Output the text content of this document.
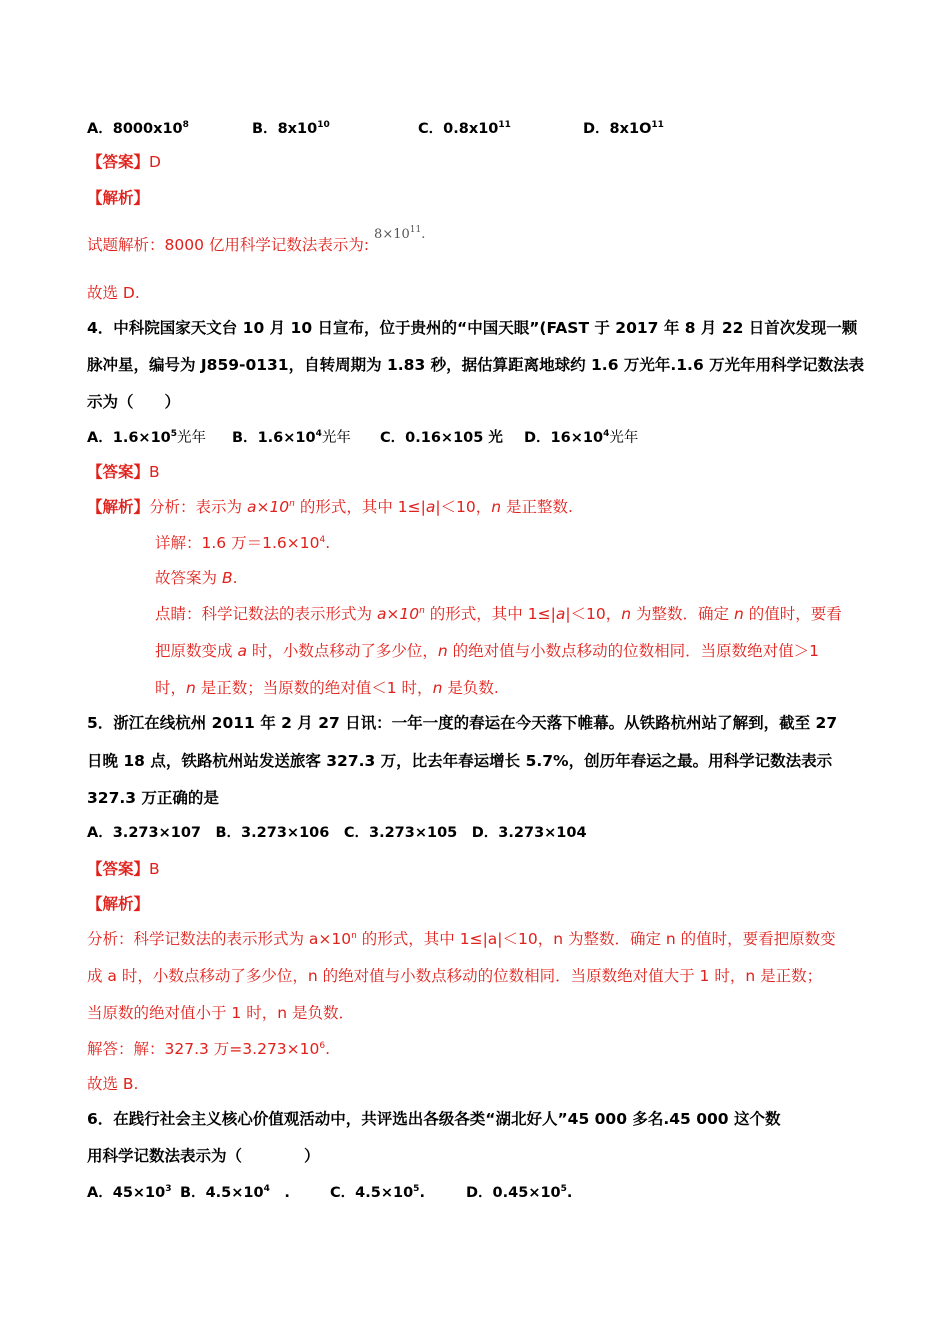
A．$8000x10^8$	B．$8x10^{10}$	C．$0.8x10^{11}$	D．$8x1O^{11}$
【答案】D
【解析】
试题解析：8000 亿用科学记数法表示为: $^{8\times 10^{11}.}$
故选 D.
4．中科院国家天文台 10 月 10 日宣布，位于贵州的“中国天眼”(FAST 于 2017 年 8 月 22 日首次发现一颗
脉冲星，编号为 J859-0131，自转周期为 1.83 秒，据估算距离地球约 1.6 万光年.1.6 万光年用科学记数法表
示为（　　）
A．$1.6\times 10^5$光年 B．$1.6\times 10^4$光年 C．0.16×105 光 D．$16\times 10^4$光年
【答案】B
【解析】分析：表示为 $a\times 10^n$ 的形式，其中 1≤|a|＜10，n 是正整数.
详解：1.6 万$=1.6\times 10^4$.
故答案为 B.
点睛：科学记数法的表示形式为 $a\times 10^n$ 的形式，其中 1≤|a|＜10，n 为整数．确定 n 的值时，要看
把原数变成 a 时，小数点移动了多少位，n 的绝对值与小数点移动的位数相同．当原数绝对值＞1
时，n 是正数；当原数的绝对值＜1 时，n 是负数.
5．浙江在线杭州 2011 年 2 月 27 日讯：一年一度的春运在今天落下帷幕。从铁路杭州站了解到，截至 27
日晚 18 点，铁路杭州站发送旅客 327.3 万，比去年春运增长 5.7%，创历年春运之最。用科学记数法表示
327.3 万正确的是
A．3.273×107　B．3.273×106　C．3.273×105　D．3.273×104
【答案】B
【解析】
分析：科学记数法的表示形式为 $a\times 10^n$ 的形式，其中 1≤|a|＜10，n 为整数．确定 n 的值时，要看把原数变
成 a 时，小数点移动了多少位，n 的绝对值与小数点移动的位数相同．当原数绝对值大于 1 时，n 是正数；
当原数的绝对值小于 1 时，n 是负数．
解答：解：327.3 万$=3.273\times 10^6$.
故选 B.
6．在践行社会主义核心价值观活动中，共评选出各级各类“湖北好人”45 000 多名.45 000 这个数
用科学记数法表示为（　　　　）
A．$45\times 10^3$ B．$4.5\times 10^4$　.	C．$4.5\times 10^5$.	D．$0.45\times 10^5$.
